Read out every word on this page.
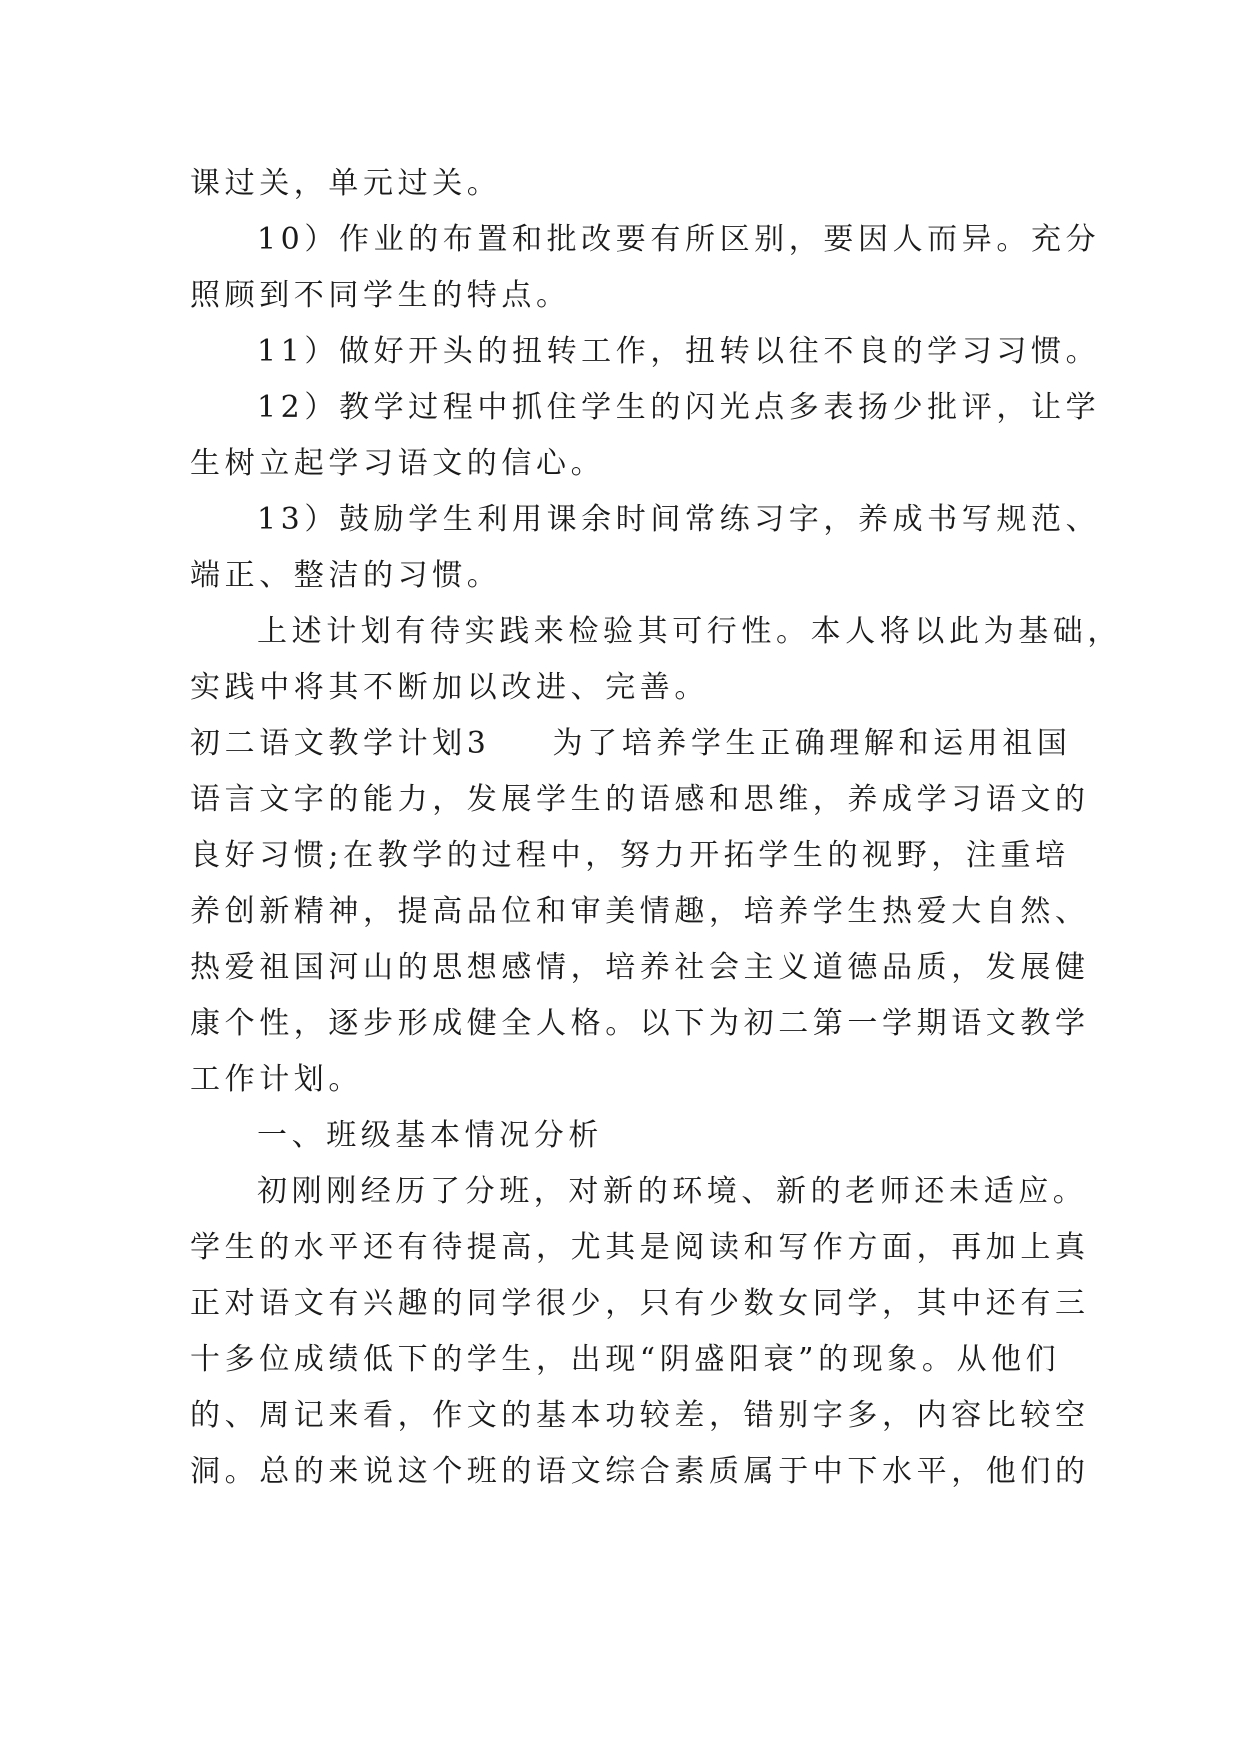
课过关，单元过关。
10）作业的布置和批改要有所区别，要因人而异。充分
照顾到不同学生的特点。
11）做好开头的扭转工作，扭转以往不良的学习习惯。
12）教学过程中抓住学生的闪光点多表扬少批评，让学
生树立起学习语文的信心。
13）鼓励学生利用课余时间常练习字，养成书写规范、
端正、整洁的习惯。
上述计划有待实践来检验其可行性。本人将以此为基础，
实践中将其不断加以改进、完善。
初二语文教学计划3 为了培养学生正确理解和运用祖国
语言文字的能力，发展学生的语感和思维，养成学习语文的
良好习惯;在教学的过程中，努力开拓学生的视野，注重培
养创新精神，提高品位和审美情趣，培养学生热爱大自然、
热爱祖国河山的思想感情，培养社会主义道德品质，发展健
康个性，逐步形成健全人格。以下为初二第一学期语文教学
工作计划。
一、班级基本情况分析
初刚刚经历了分班，对新的环境、新的老师还未适应。
学生的水平还有待提高，尤其是阅读和写作方面，再加上真
正对语文有兴趣的同学很少，只有少数女同学，其中还有三
十多位成绩低下的学生，出现“阴盛阳衰”的现象。从他们
的、周记来看，作文的基本功较差，错别字多，内容比较空
洞。总的来说这个班的语文综合素质属于中下水平，他们的
